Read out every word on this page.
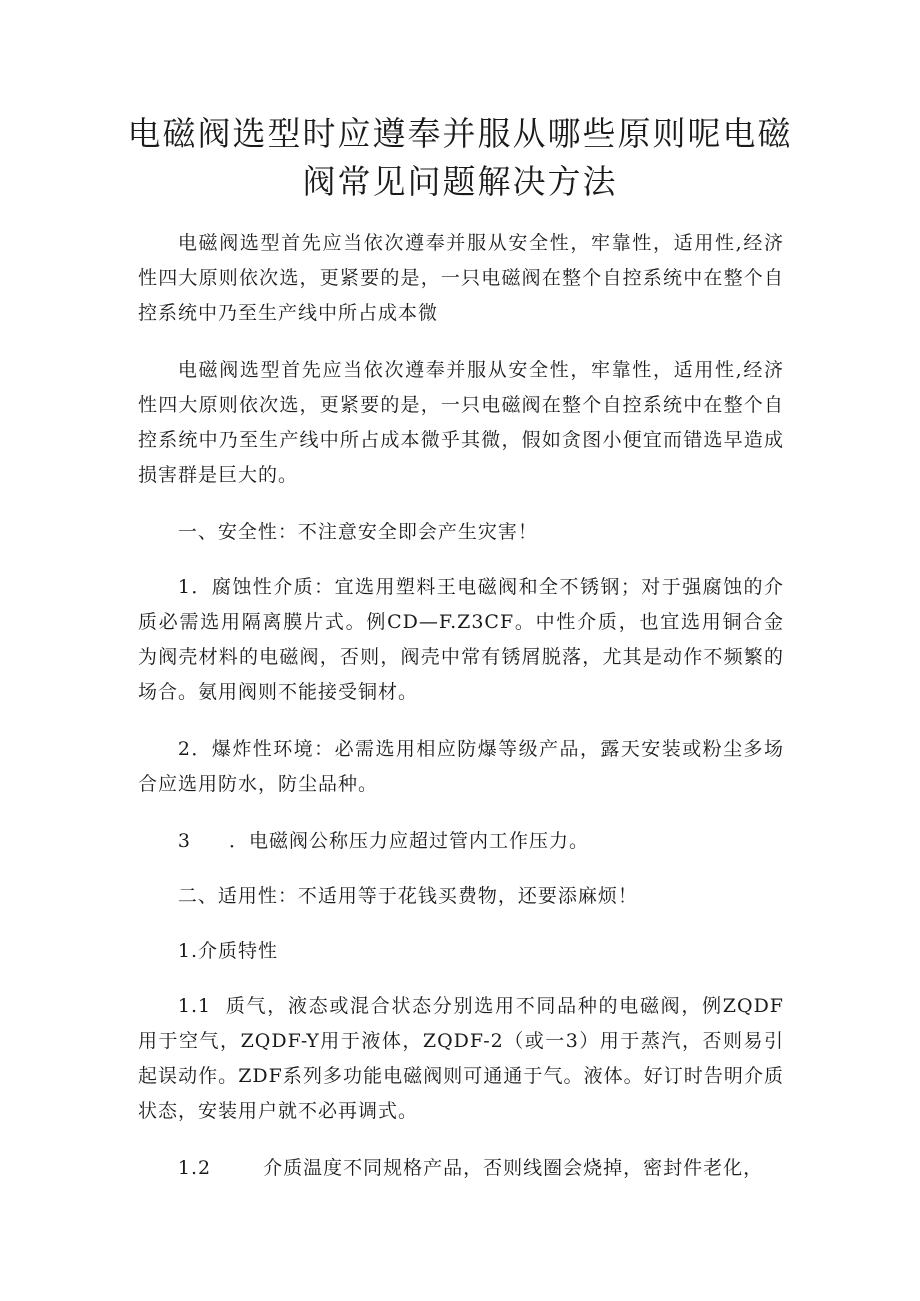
电磁阀选型时应遵奉并服从哪些原则呢电磁
阀常见问题解决方法

电磁阀选型首先应当依次遵奉并服从安全性，牢靠性，适用性,经济性四大原则依次选，更紧要的是，一只电磁阀在整个自控系统中在整个自控系统中乃至生产线中所占成本微

电磁阀选型首先应当依次遵奉并服从安全性，牢靠性，适用性,经济性四大原则依次选，更紧要的是，一只电磁阀在整个自控系统中在整个自控系统中乃至生产线中所占成本微乎其微，假如贪图小便宜而错选早造成损害群是巨大的。

一、安全性：不注意安全即会产生灾害！

1．腐蚀性介质：宜选用塑料王电磁阀和全不锈钢；对于强腐蚀的介质必需选用隔离膜片式。例CD—F.Z3CF。中性介质，也宜选用铜合金为阀壳材料的电磁阀，否则，阀壳中常有锈屑脱落，尤其是动作不频繁的场合。氨用阀则不能接受铜材。

2．爆炸性环境：必需选用相应防爆等级产品，露天安装或粉尘多场合应选用防水，防尘品种。

3 ．电磁阀公称压力应超过管内工作压力。

二、适用性：不适用等于花钱买费物，还要添麻烦！

1.介质特性

1.1 质气，液态或混合状态分别选用不同品种的电磁阀，例ZQDF用于空气，ZQDF-Y用于液体，ZQDF-2（或一3）用于蒸汽，否则易引起误动作。ZDF系列多功能电磁阀则可通通于气。液体。好订时告明介质状态，安装用户就不必再调式。

1.2	介质温度不同规格产品，否则线圈会烧掉，密封件老化，
